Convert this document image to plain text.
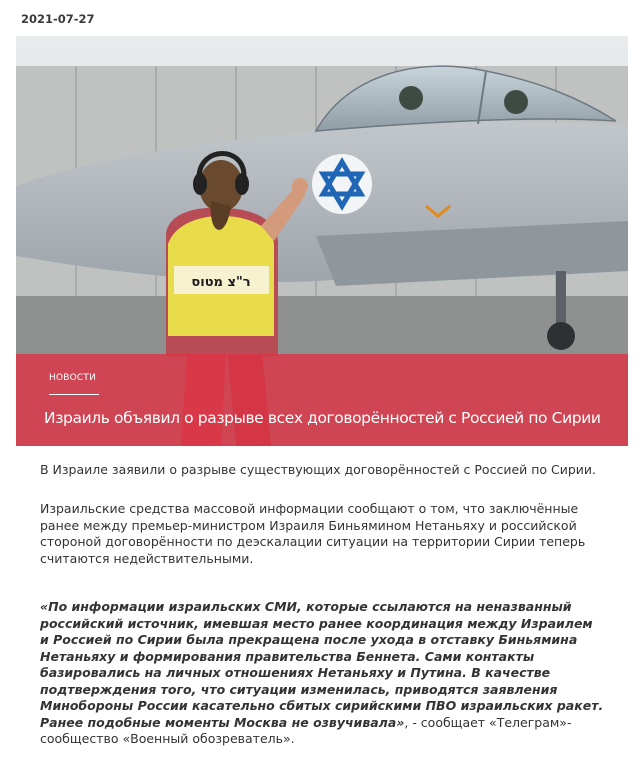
2021-07-27
ר"צ מטוס
НОВОСТИ
Израиль объявил о разрыве всех договорённостей с Россией по Сирии

В Израиле заявили о разрыве существующих договорённостей с Россией по Сирии.

Израильские средства массовой информации сообщают о том, что заключённые ранее между премьер-министром Израиля Биньямином Нетаньяху и российской стороной договорённости по деэскалации ситуации на территории Сирии теперь считаются недействительными.

«По информации израильских СМИ, которые ссылаются на неназванный российский источник, имевшая место ранее координация между Израилем и Россией по Сирии была прекращена после ухода в отставку Биньямина Нетаньяху и формирования правительства Беннета. Сами контакты базировались на личных отношениях Нетаньяху и Путина. В качестве подтверждения того, что ситуации изменилась, приводятся заявления Минобороны России касательно сбитых сирийскими ПВО израильских ракет. Ранее подобные моменты Москва не озвучивала», - сообщает «Телеграм»-сообщество «Военный обозреватель».
